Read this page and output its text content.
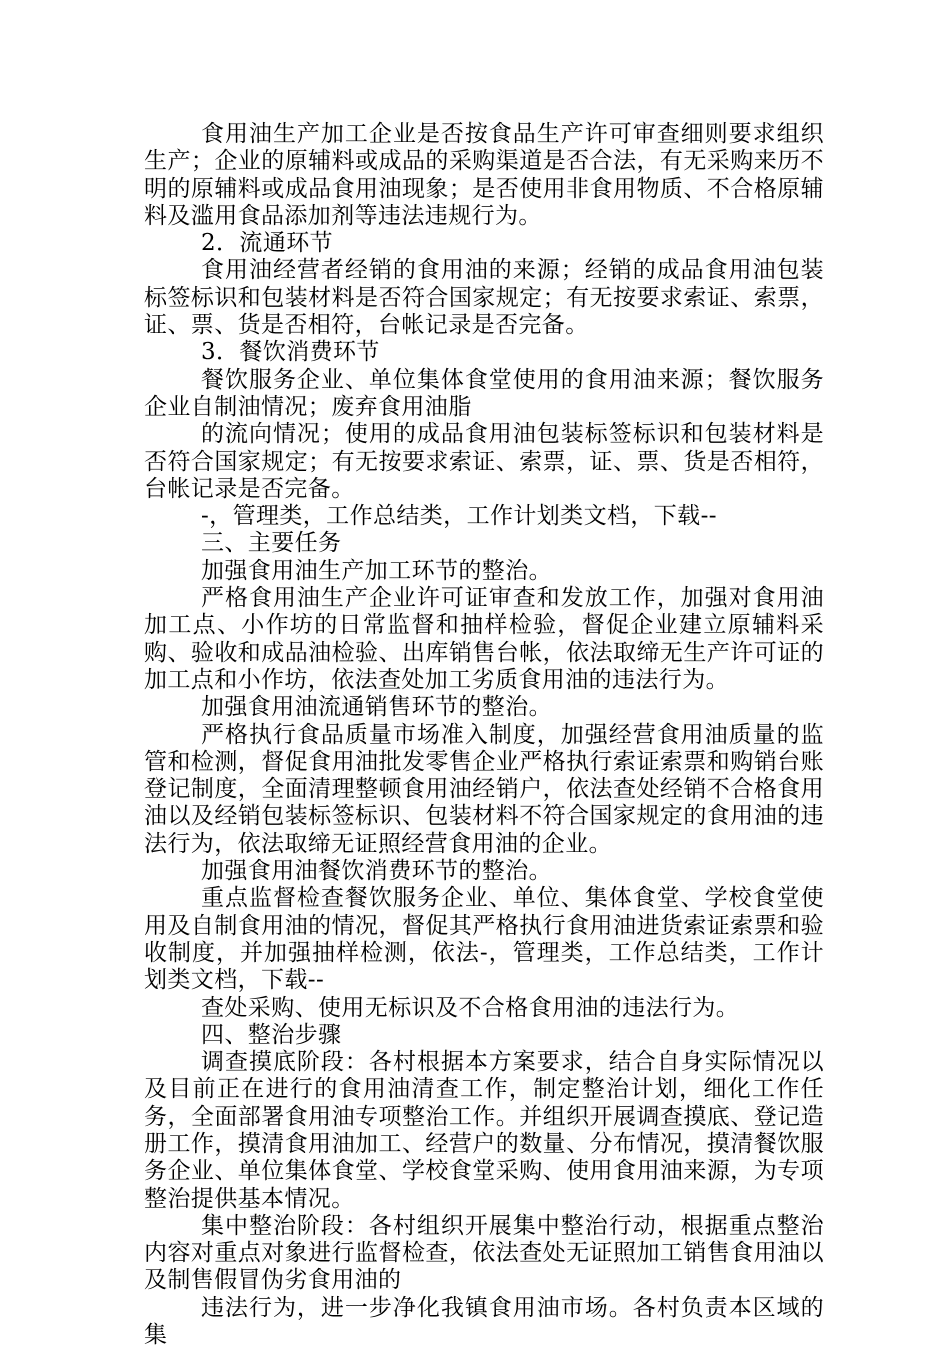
食用油生产加工企业是否按食品生产许可审查细则要求组织生产；企业的原辅料或成品的采购渠道是否合法，有无采购来历不明的原辅料或成品食用油现象；是否使用非食用物质、不合格原辅料及滥用食品添加剂等违法违规行为。

2．流通环节

食用油经营者经销的食用油的来源；经销的成品食用油包装标签标识和包装材料是否符合国家规定；有无按要求索证、索票，证、票、货是否相符，台帐记录是否完备。

3．餐饮消费环节

餐饮服务企业、单位集体食堂使用的食用油来源；餐饮服务企业自制油情况；废弃食用油脂

的流向情况；使用的成品食用油包装标签标识和包装材料是否符合国家规定；有无按要求索证、索票，证、票、货是否相符，台帐记录是否完备。

-，管理类，工作总结类，工作计划类文档，下载--

三、主要任务

加强食用油生产加工环节的整治。

严格食用油生产企业许可证审查和发放工作，加强对食用油加工点、小作坊的日常监督和抽样检验，督促企业建立原辅料采购、验收和成品油检验、出库销售台帐，依法取缔无生产许可证的加工点和小作坊，依法查处加工劣质食用油的违法行为。

加强食用油流通销售环节的整治。

严格执行食品质量市场准入制度，加强经营食用油质量的监管和检测，督促食用油批发零售企业严格执行索证索票和购销台账登记制度，全面清理整顿食用油经销户，依法查处经销不合格食用油以及经销包装标签标识、包装材料不符合国家规定的食用油的违法行为，依法取缔无证照经营食用油的企业。

加强食用油餐饮消费环节的整治。

重点监督检查餐饮服务企业、单位、集体食堂、学校食堂使用及自制食用油的情况，督促其严格执行食用油进货索证索票和验收制度，并加强抽样检测，依法-，管理类，工作总结类，工作计划类文档，下载--

查处采购、使用无标识及不合格食用油的违法行为。

四、整治步骤

调查摸底阶段：各村根据本方案要求，结合自身实际情况以及目前正在进行的食用油清查工作，制定整治计划，细化工作任务，全面部署食用油专项整治工作。并组织开展调查摸底、登记造册工作，摸清食用油加工、经营户的数量、分布情况，摸清餐饮服务企业、单位集体食堂、学校食堂采购、使用食用油来源，为专项整治提供基本情况。

集中整治阶段：各村组织开展集中整治行动，根据重点整治内容对重点对象进行监督检查，依法查处无证照加工销售食用油以及制售假冒伪劣食用油的

违法行为，进一步净化我镇食用油市场。各村负责本区域的集
